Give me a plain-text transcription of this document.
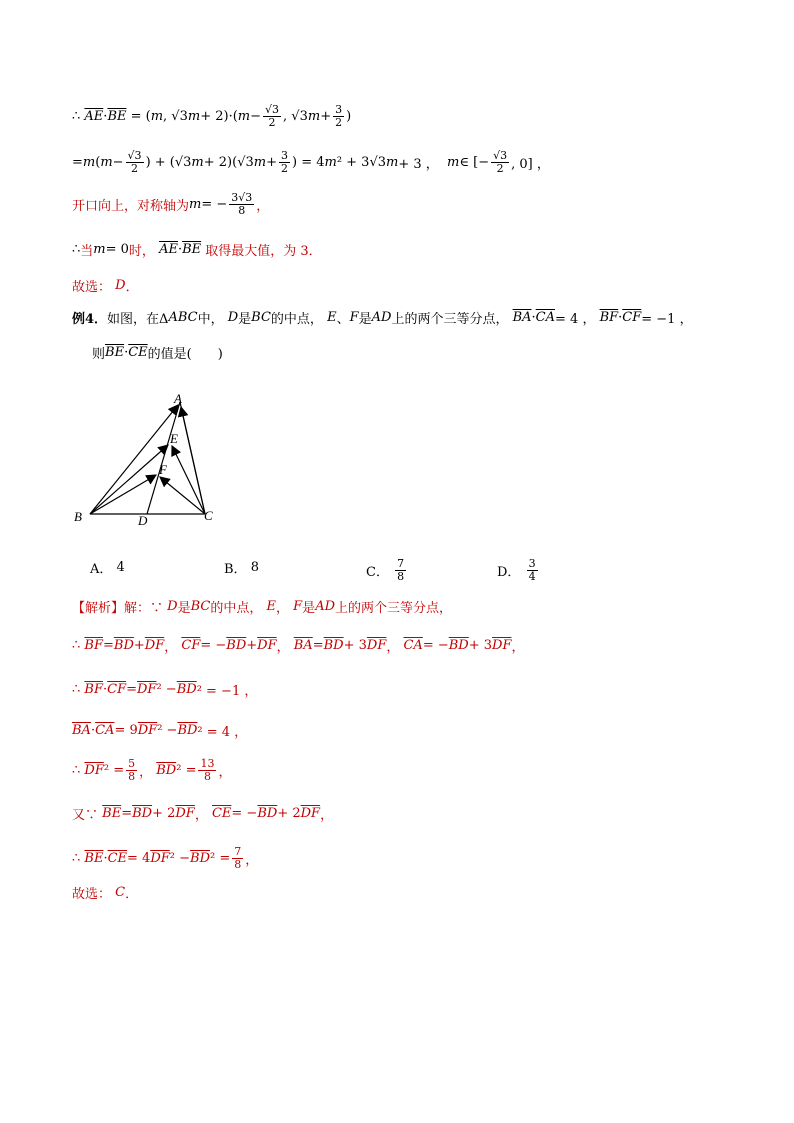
∴ $\overline{AE} \cdot \overline{BE}$ = ( m , √3 m + 2)·( $m - \frac{√3}{2}$ , √3 $m + \frac{3}{2}$ )
= m ( $m - \frac{√3}{2}$ ) + (√3 m + 2)(√3 $m + \frac{3}{2}$ ) = 4 m ² + 3√3 m + 3 ， m ∈ [− $\frac{√3}{2}$ , 0] ，
开口向上，对称轴为 m = − $\frac{3√3}{8}$ ，
∴ 当 m = 0 时， $\overline{AE} \cdot \overline{BE}$ 取得最大值，为 3．
故选： D ．
例4． 如图，在Δ ABC 中， D 是 BC 的中点， E 、 F 是 AD 上的两个三等分点， $\overline{BA} \cdot \overline{CA} = 4$ ， $\overline{BF} \cdot \overline{CF} = -1$ ，
则 $\overline{BE} \cdot \overline{CE}$ 的值是(　　)
A
E
F
B	C
D
A．
4	B．
8	C．
$\frac{7}{8}$	D．
$\frac{3}{4}$
【解析】 解：∵ D 是 BC 的中点， E ， F 是 AD 上的两个三等分点，
∴ $\overline{BF} = \overline{BD} + \overline{DF}$ ， $\overline{CF}$ = − $\overline{BD} + \overline{DF}$ ， $\overline{BA} = \overline{BD} + 3$ $\overline{DF}$ ， $\overline{CA}$ = − $\overline{BD} + 3$ $\overline{DF}$ ，
∴ $\overline{BF} \cdot \overline{CF} = \overline{DF}$ $^2 - \overline{BD}$ ² = −1 ，
$\overline{BA} \cdot \overline{CA} = 9$ $\overline{DF}$ $^2 - \overline{BD}$ ² = 4 ，
∴ $\overline{DF}$ $^2 = \frac{5}{8}$ ， $\overline{BD}$ $^2 = \frac{13}{8}$ ，
又∵ $\overline{BE} = \overline{BD} + 2$ $\overline{DF}$ ， $\overline{CE}$ = − $\overline{BD} + 2$ $\overline{DF}$ ，
∴ $\overline{BE} \cdot \overline{CE} = 4$ $\overline{DF}$ $^2 - \overline{BD}$ $^2 = \frac{7}{8}$ ，
故选： C ．
